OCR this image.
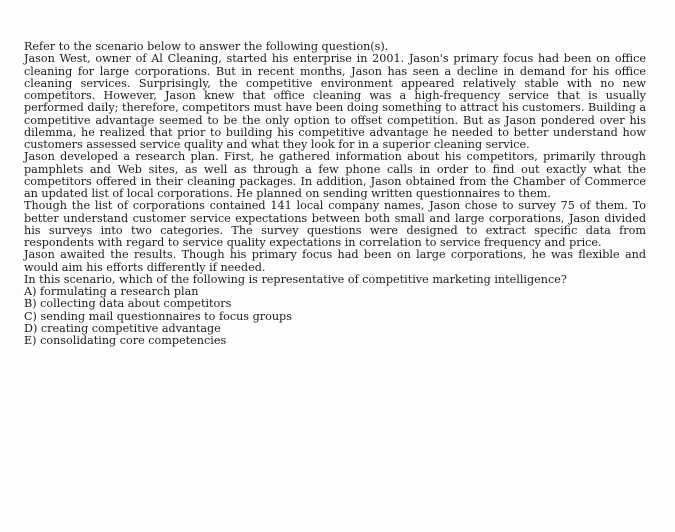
Refer to the scenario below to answer the following question(s).

Jason West, owner of Al Cleaning, started his enterprise in 2001. Jason's primary focus had been on office cleaning for large corporations. But in recent months, Jason has seen a decline in demand for his office cleaning services. Surprisingly, the competitive environment appeared relatively stable with no new competitors. However, Jason knew that office cleaning was a high-frequency service that is usually performed daily; therefore, competitors must have been doing something to attract his customers. Building a competitive advantage seemed to be the only option to offset competition. But as Jason pondered over his dilemma, he realized that prior to building his competitive advantage he needed to better understand how customers assessed service quality and what they look for in a superior cleaning service.

Jason developed a research plan. First, he gathered information about his competitors, primarily through pamphlets and Web sites, as well as through a few phone calls in order to find out exactly what the competitors offered in their cleaning packages. In addition, Jason obtained from the Chamber of Commerce an updated list of local corporations. He planned on sending written questionnaires to them.

Though the list of corporations contained 141 local company names, Jason chose to survey 75 of them. To better understand customer service expectations between both small and large corporations, Jason divided his surveys into two categories. The survey questions were designed to extract specific data from respondents with regard to service quality expectations in correlation to service frequency and price.

Jason awaited the results. Though his primary focus had been on large corporations, he was flexible and would aim his efforts differently if needed.

In this scenario, which of the following is representative of competitive marketing intelligence?

A) formulating a research plan
B) collecting data about competitors
C) sending mail questionnaires to focus groups
D) creating competitive advantage
E) consolidating core competencies
